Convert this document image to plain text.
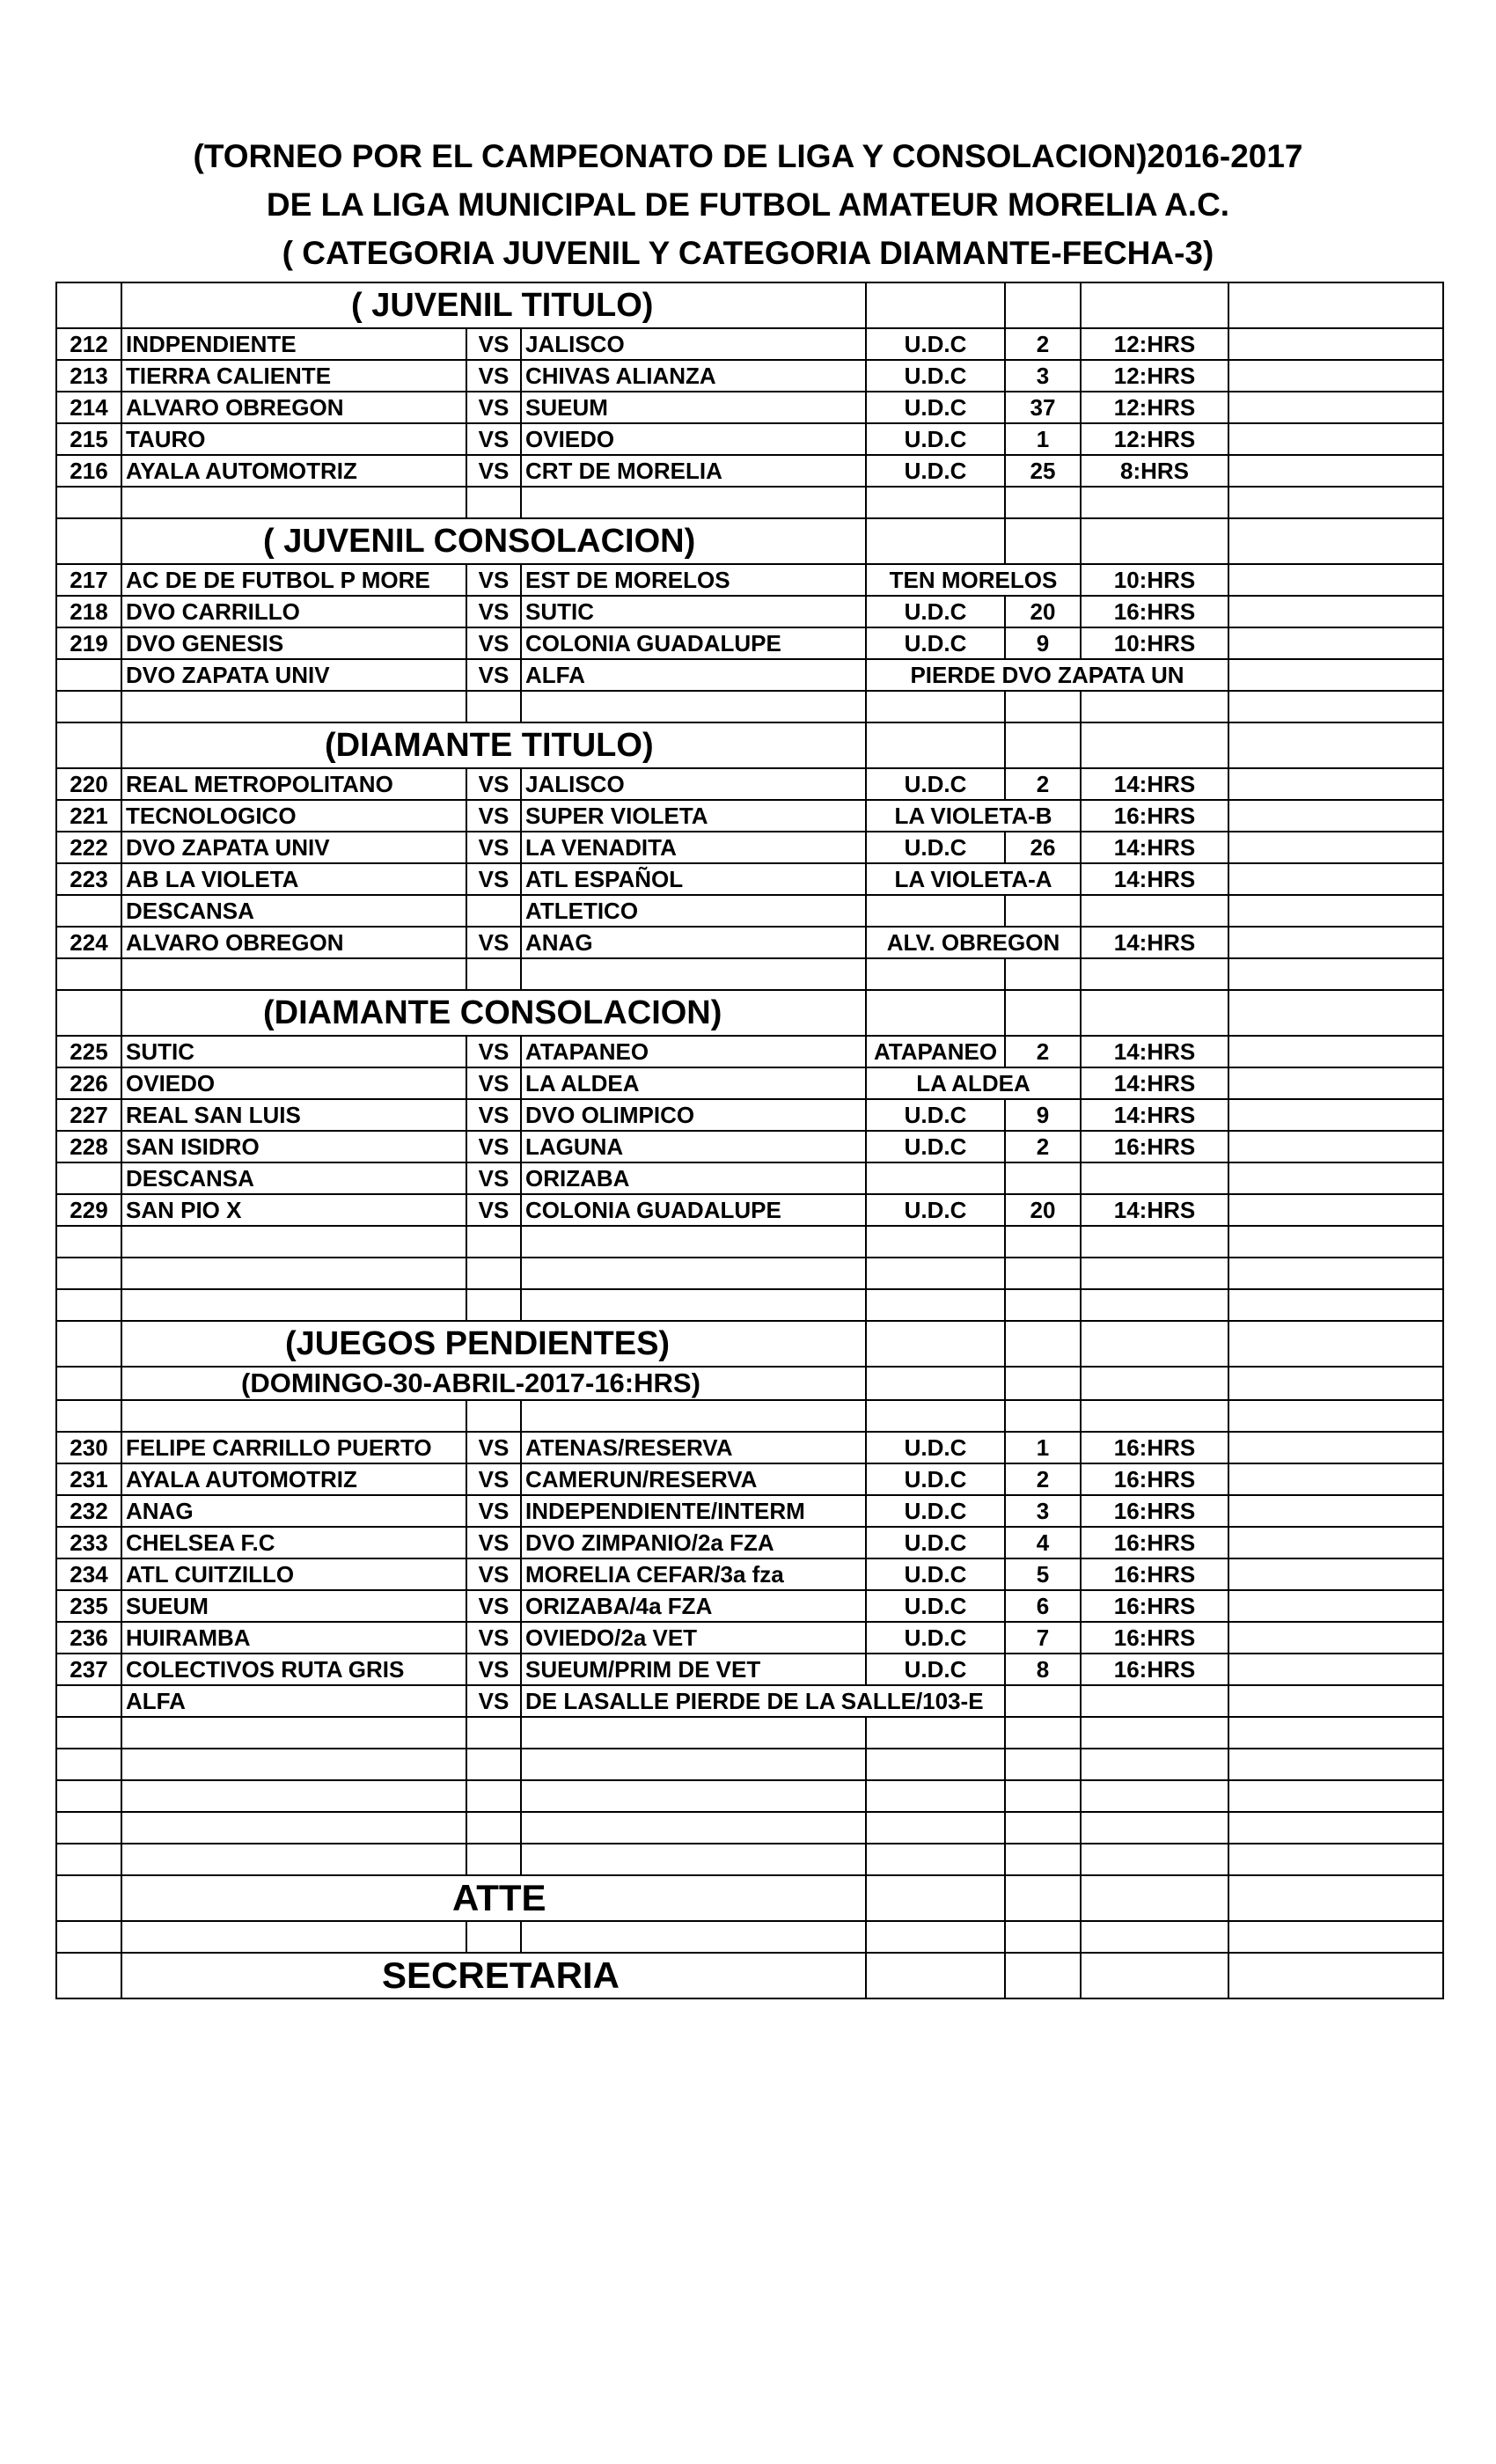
(TORNEO POR EL CAMPEONATO DE LIGA Y CONSOLACION)2016-2017
DE LA LIGA MUNICIPAL DE FUTBOL AMATEUR MORELIA A.C.
( CATEGORIA JUVENIL Y CATEGORIA DIAMANTE-FECHA-3)
	( JUVENIL TITULO)						
212	INDPENDIENTE	VS	JALISCO	U.D.C	2	12:HRS	
213	TIERRA CALIENTE	VS	CHIVAS ALIANZA	U.D.C	3	12:HRS	
214	ALVARO OBREGON	VS	SUEUM	U.D.C	37	12:HRS	
215	TAURO	VS	OVIEDO	U.D.C	1	12:HRS	
216	AYALA AUTOMOTRIZ	VS	CRT DE MORELIA	U.D.C	25	8:HRS	

	( JUVENIL CONSOLACION)						
217	AC DE DE FUTBOL P MORE	VS	EST DE MORELOS	TEN MORELOS		10:HRS	
218	DVO CARRILLO	VS	SUTIC	U.D.C	20	16:HRS	
219	DVO GENESIS	VS	COLONIA GUADALUPE	U.D.C	9	10:HRS	
	DVO ZAPATA UNIV	VS	ALFA	PIERDE DVO ZAPATA UN			

	(DIAMANTE TITULO)						
220	REAL METROPOLITANO	VS	JALISCO	U.D.C	2	14:HRS	
221	TECNOLOGICO	VS	SUPER VIOLETA	LA VIOLETA-B		16:HRS	
222	DVO ZAPATA UNIV	VS	LA VENADITA	U.D.C	26	14:HRS	
223	AB LA VIOLETA	VS	ATL ESPAÑOL	LA VIOLETA-A		14:HRS	
	DESCANSA		ATLETICO				
224	ALVARO OBREGON	VS	ANAG	ALV. OBREGON		14:HRS	

	(DIAMANTE CONSOLACION)						
225	SUTIC	VS	ATAPANEO	ATAPANEO	2	14:HRS	
226	OVIEDO	VS	LA ALDEA	LA ALDEA		14:HRS	
227	REAL SAN LUIS	VS	DVO OLIMPICO	U.D.C	9	14:HRS	
228	SAN ISIDRO	VS	LAGUNA	U.D.C	2	16:HRS	
	DESCANSA	VS	ORIZABA				
229	SAN PIO X	VS	COLONIA GUADALUPE	U.D.C	20	14:HRS	

	(JUEGOS PENDIENTES)						
	(DOMINGO-30-ABRIL-2017-16:HRS)						

230	FELIPE CARRILLO PUERTO	VS	ATENAS/RESERVA	U.D.C	1	16:HRS	
231	AYALA AUTOMOTRIZ	VS	CAMERUN/RESERVA	U.D.C	2	16:HRS	
232	ANAG	VS	INDEPENDIENTE/INTERM	U.D.C	3	16:HRS	
233	CHELSEA F.C	VS	DVO ZIMPANIO/2a FZA	U.D.C	4	16:HRS	
234	ATL CUITZILLO	VS	MORELIA CEFAR/3a fza	U.D.C	5	16:HRS	
235	SUEUM	VS	ORIZABA/4a FZA	U.D.C	6	16:HRS	
236	HUIRAMBA	VS	OVIEDO/2a VET	U.D.C	7	16:HRS	
237	COLECTIVOS RUTA GRIS	VS	SUEUM/PRIM DE VET	U.D.C	8	16:HRS	
	ALFA	VS	DE LASALLE PIERDE DE LA SALLE/103-E				

	ATTE						

	SECRETARIA						
